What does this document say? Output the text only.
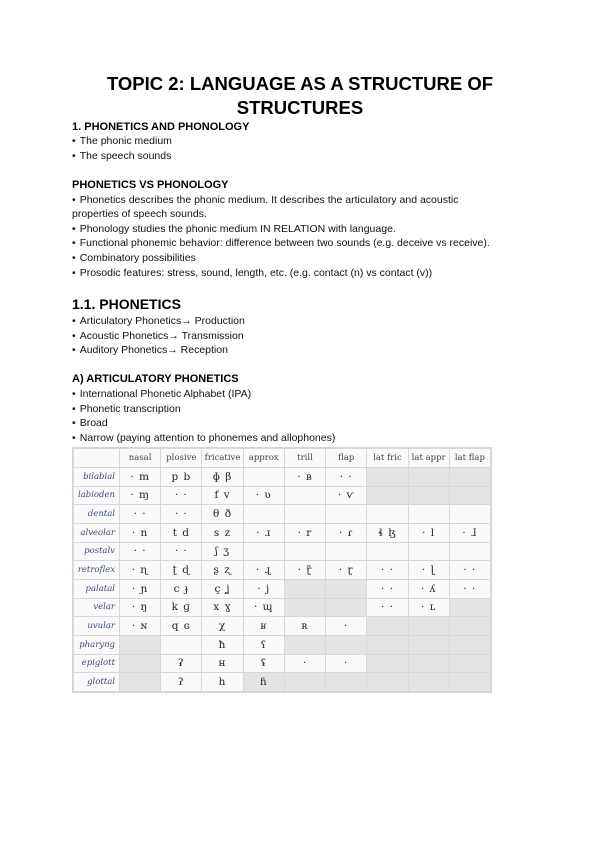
TOPIC 2: LANGUAGE AS A STRUCTURE OF
STRUCTURES
1. PHONETICS AND PHONOLOGY
• The phonic medium
• The speech sounds
PHONETICS VS PHONOLOGY
• Phonetics describes the phonic medium. It describes the articulatory and acoustic
properties of speech sounds.
• Phonology studies the phonic medium IN RELATION with language.
• Functional phonemic behavior: difference between two sounds (e.g. deceive vs receive).
• Combinatory possibilities
• Prosodic features: stress, sound, length, etc. (e.g. contact (n) vs contact (v))
1.1. PHONETICS
• Articulatory Phonetics→ Production
• Acoustic Phonetics→ Transmission
• Auditory Phonetics→ Reception
A) ARTICULATORY PHONETICS
• International Phonetic Alphabet (IPA)
• Phonetic transcription
• Broad
• Narrow (paying attention to phonemes and allophones)
	nasal	plosive	fricative	approx	trill	flap	lat fric	lat appr	lat flap
bilabial	· m	p b	ɸ β		· ʙ	· ·			
labioden	· ɱ	· ·	f v	· ʋ		· ⱱ			
dental	· ·	· ·	θ ð						
alveolar	· n	t d	s z	· ɹ	· r	· ɾ	ɬ ɮ	· l	· ɺ
postalv	· ·	· ·	ʃ ʒ						
retroflex	· ɳ	ʈ ɖ	ʂ ʐ	· ɻ	· ɽ̃	· ɽ	· ·	· ɭ	· ·
palatal	· ɲ	c ɟ	ç ʝ	· j			· ·	· ʎ	· ·
velar	· ŋ	k ɡ	x ɣ	· ɰ			· ·	· ʟ	
uvular	· ɴ	q ɢ	χ	ʁ	ʀ	·			
pharyng			ħ	ʕ					
epiglott		ʡ	ʜ	ʢ	·	·			
glottal		ʔ	h	ɦ					
